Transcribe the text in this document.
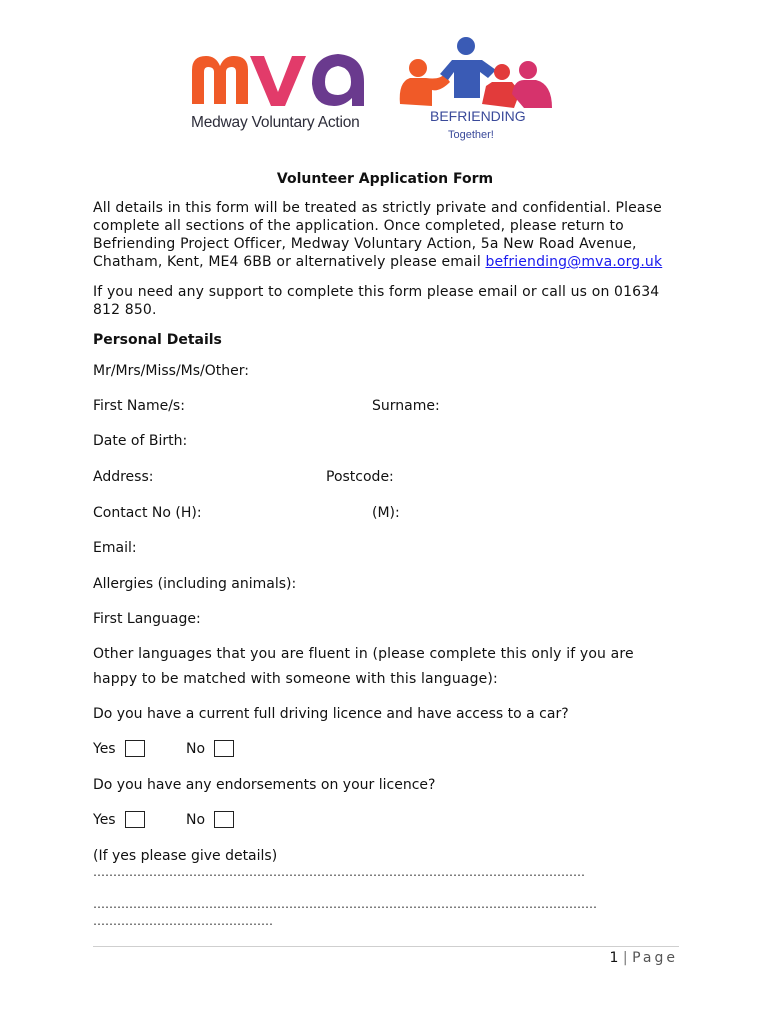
Medway Voluntary Action	BEFRIENDING
Together!
Volunteer Application Form
All details in this form will be treated as strictly private and confidential. Please
complete all sections of the application. Once completed, please return to
Befriending Project Officer, Medway Voluntary Action, 5a New Road Avenue,
Chatham, Kent, ME4 6BB or alternatively please email befriending@mva.org.uk
If you need any support to complete this form please email or call us on 01634
812 850.
Personal Details
Mr/Mrs/Miss/Ms/Other:
First Name/s:	Surname:
Date of Birth:
Address:	Postcode:
Contact No (H):	(M):
Email:
Allergies (including animals):
First Language:
Other languages that you are fluent in (please complete this only if you are
happy to be matched with someone with this language):
Do you have a current full driving licence and have access to a car?
Yes	No
Do you have any endorsements on your licence?
Yes	No
(If yes please give details)
……………………………………………………………………………………………………………
………………………………………………………………………………………………………………
………………………………………
1 | Page
